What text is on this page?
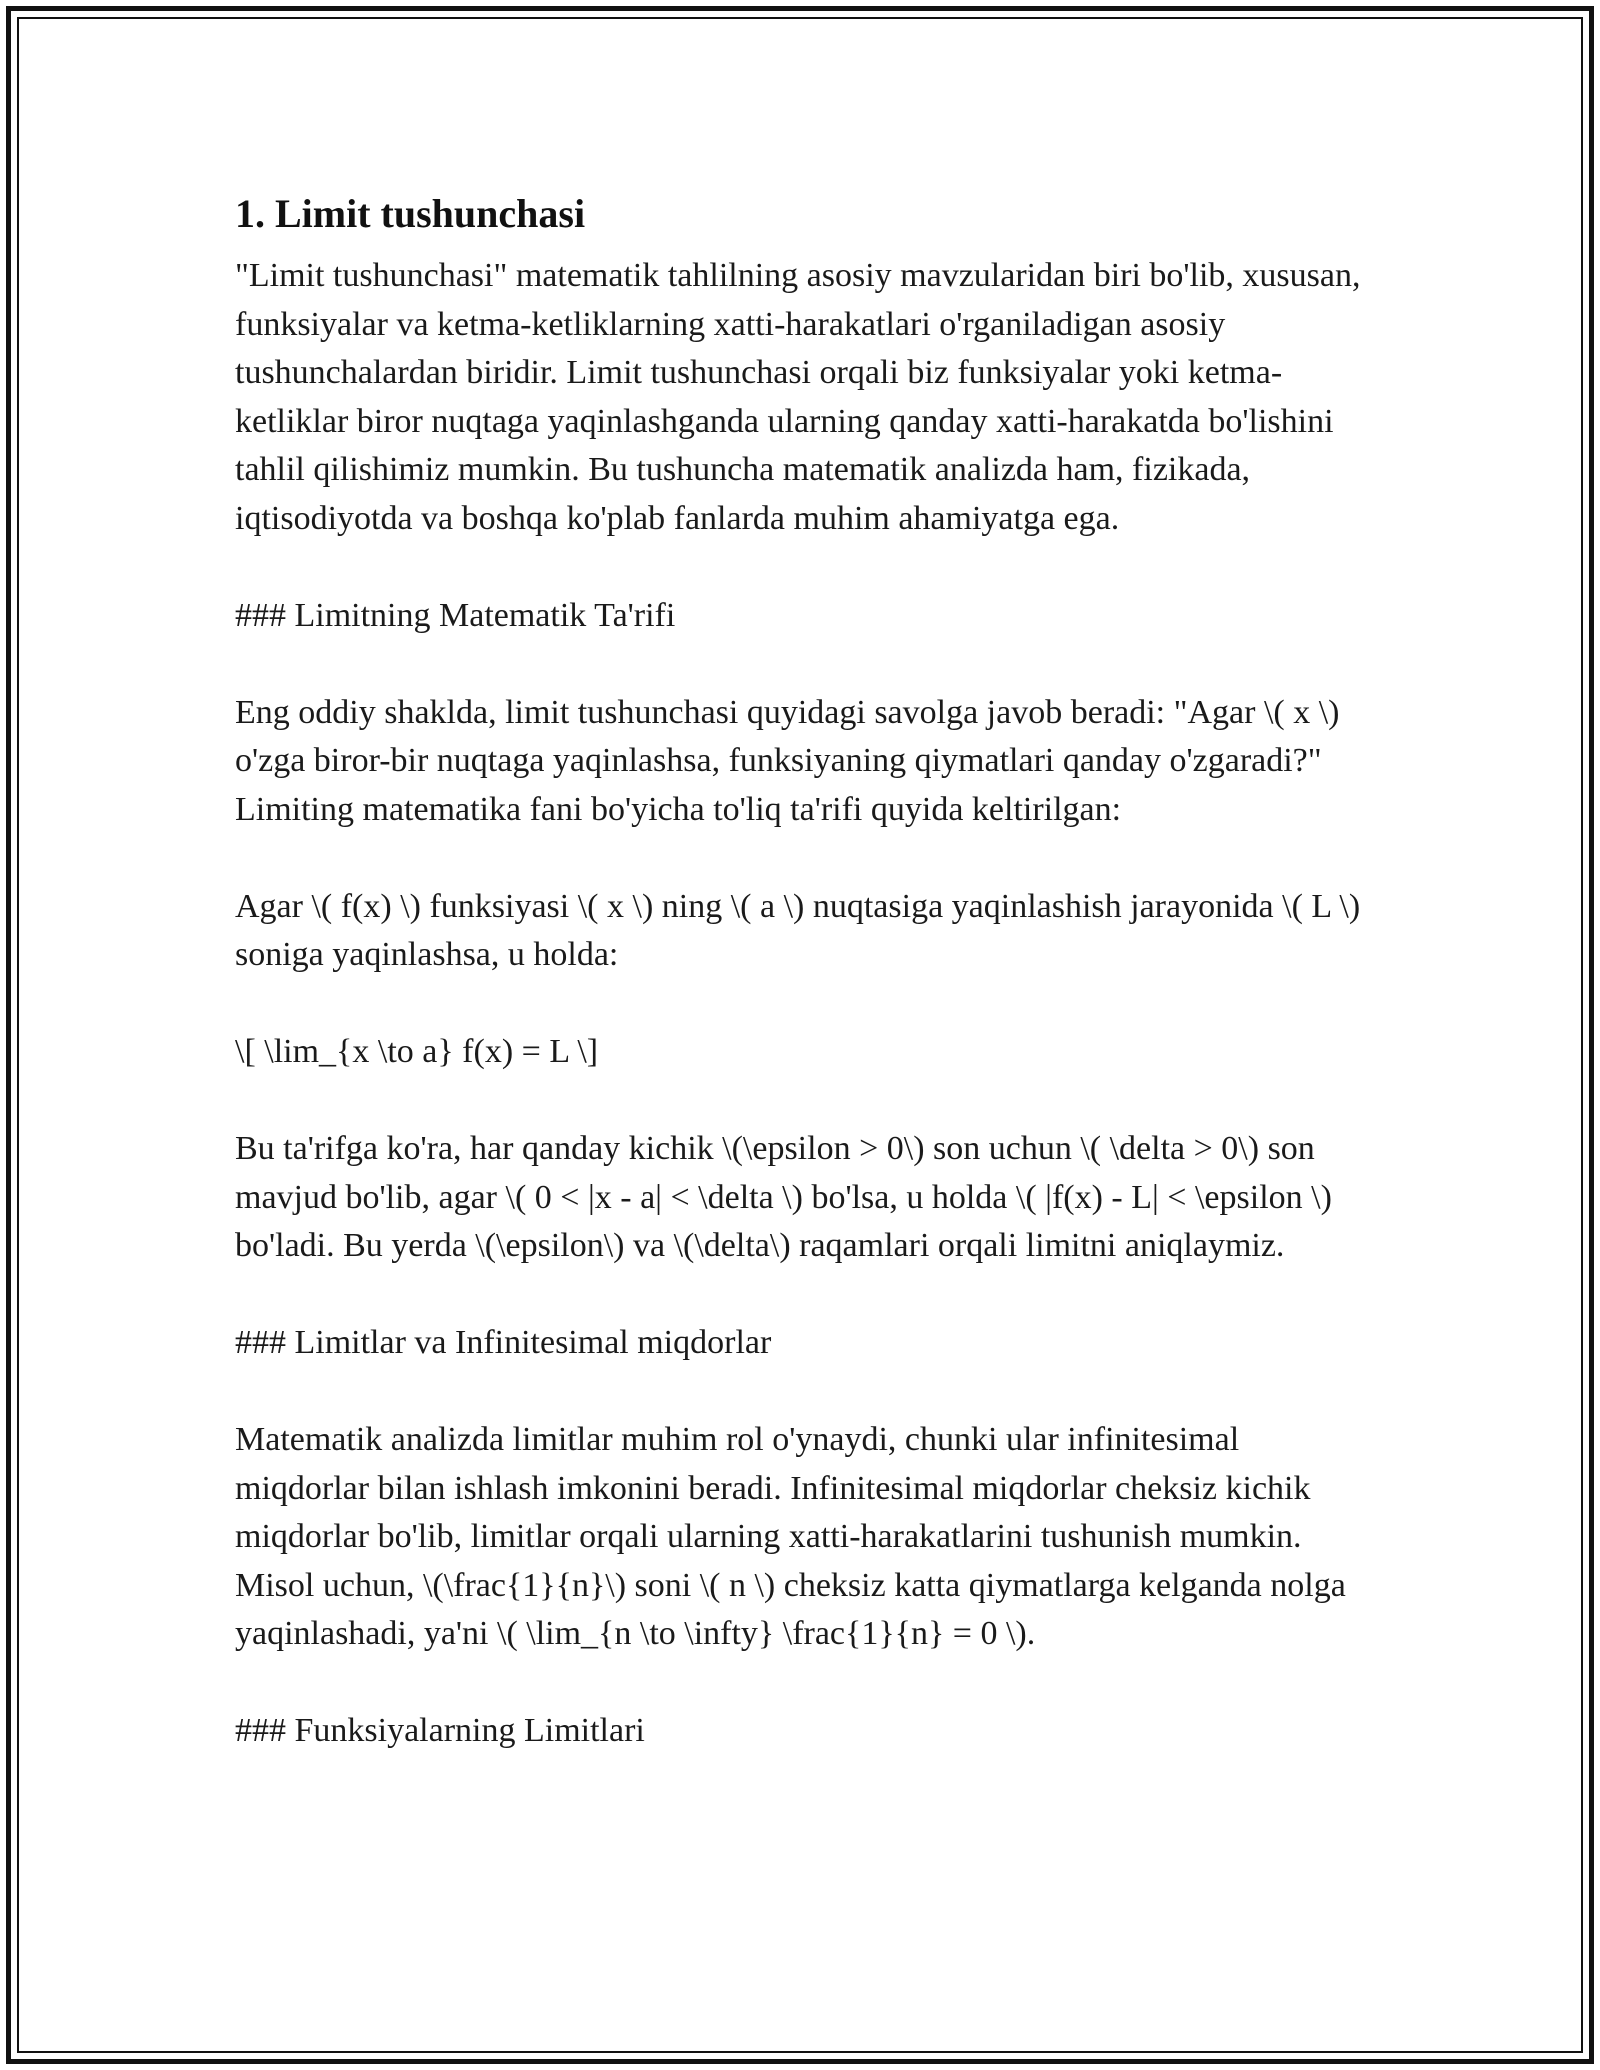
1. Limit tushunchasi

"Limit tushunchasi" matematik tahlilning asosiy mavzularidan biri bo'lib, xususan, funksiyalar va ketma-ketliklarning xatti-harakatlari o'rganiladigan asosiy tushunchalardan biridir. Limit tushunchasi orqali biz funksiyalar yoki ketma-ketliklar biror nuqtaga yaqinlashganda ularning qanday xatti-harakatda bo'lishini tahlil qilishimiz mumkin. Bu tushuncha matematik analizda ham, fizikada, iqtisodiyotda va boshqa ko'plab fanlarda muhim ahamiyatga ega.

### Limitning Matematik Ta'rifi

Eng oddiy shaklda, limit tushunchasi quyidagi savolga javob beradi: "Agar \( x \) o'zga biror-bir nuqtaga yaqinlashsa, funksiyaning qiymatlari qanday o'zgaradi?" Limiting matematika fani bo'yicha to'liq ta'rifi quyida keltirilgan:

Agar \( f(x) \) funksiyasi \( x \) ning \( a \) nuqtasiga yaqinlashish jarayonida \( L \) soniga yaqinlashsa, u holda:

\[ \lim_{x \to a} f(x) = L \]

Bu ta'rifga ko'ra, har qanday kichik \(\epsilon > 0\) son uchun \( \delta > 0\) son mavjud bo'lib, agar \( 0 < |x - a| < \delta \) bo'lsa, u holda \( |f(x) - L| < \epsilon \) bo'ladi. Bu yerda \(\epsilon\) va \(\delta\) raqamlari orqali limitni aniqlaymiz.

### Limitlar va Infinitesimal miqdorlar

Matematik analizda limitlar muhim rol o'ynaydi, chunki ular infinitesimal miqdorlar bilan ishlash imkonini beradi. Infinitesimal miqdorlar cheksiz kichik miqdorlar bo'lib, limitlar orqali ularning xatti-harakatlarini tushunish mumkin. Misol uchun, \(\frac{1}{n}\) soni \( n \) cheksiz katta qiymatlarga kelganda nolga yaqinlashadi, ya'ni \( \lim_{n \to \infty} \frac{1}{n} = 0 \).

### Funksiyalarning Limitlari
